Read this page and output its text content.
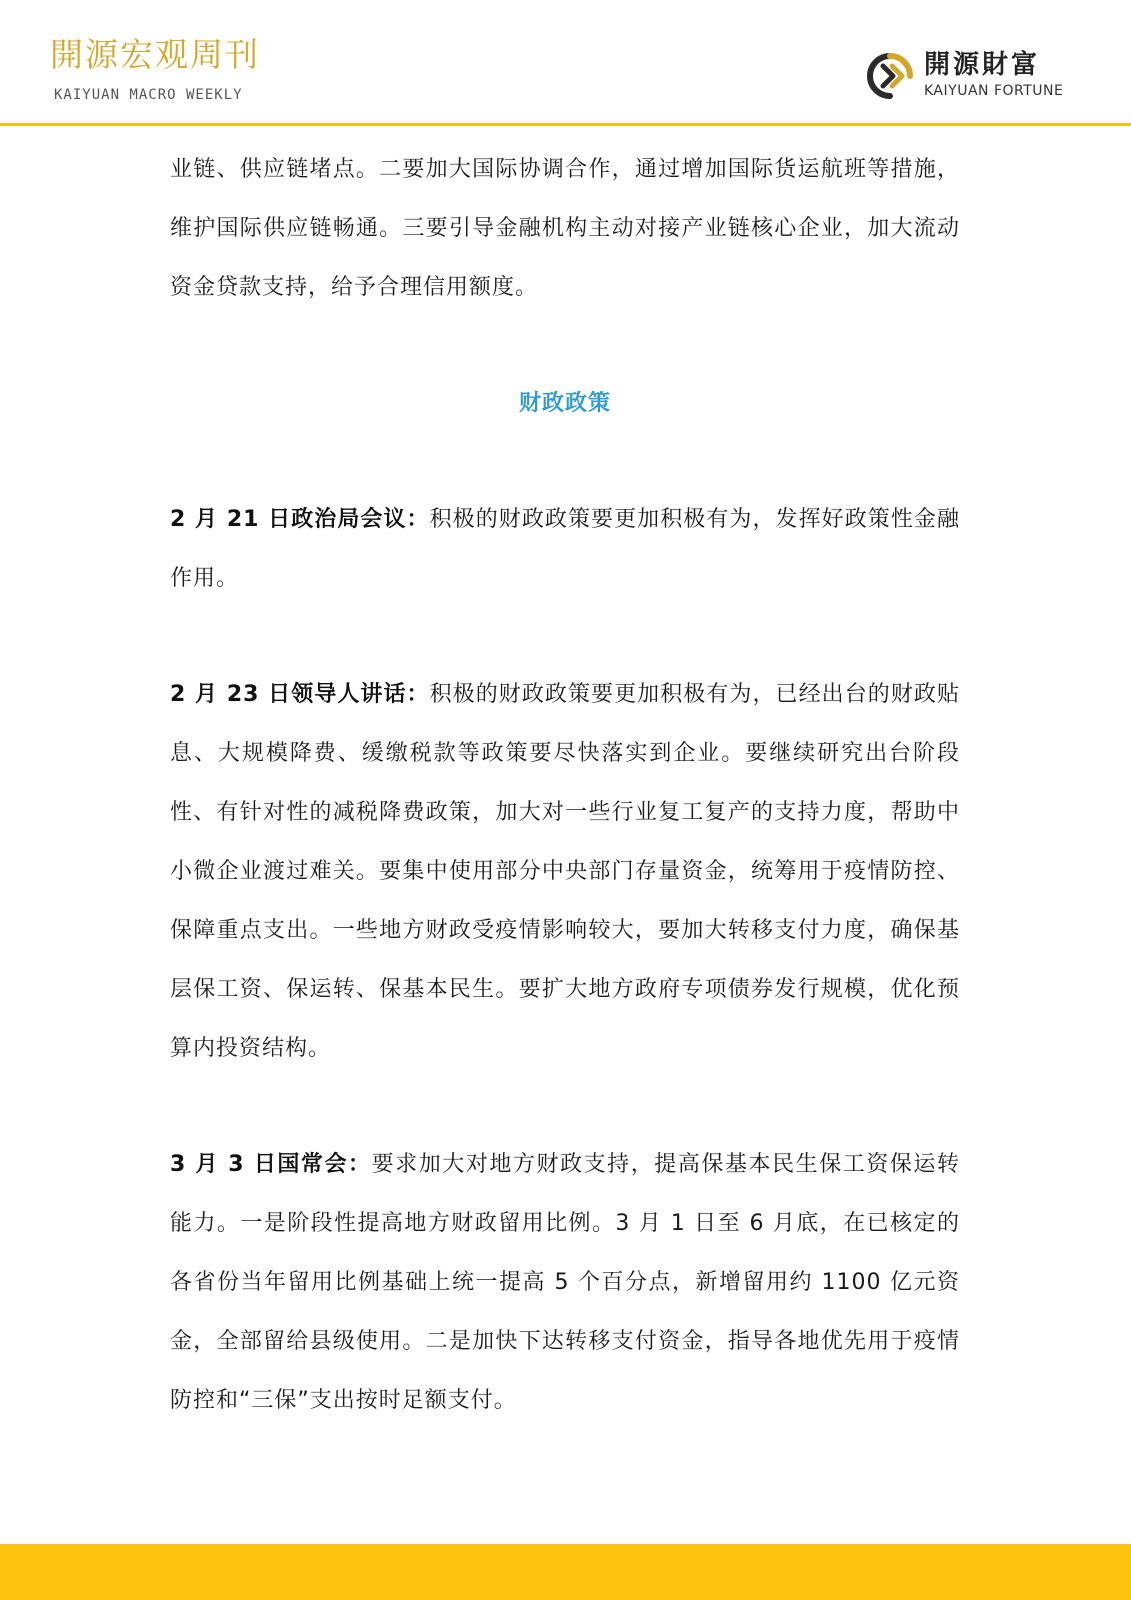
開源宏观周刊
KAIYUAN MACRO WEEKLY
開源財富
KAIYUAN FORTUNE

业链、供应链堵点。二要加大国际协调合作，通过增加国际货运航班等措施，维护国际供应链畅通。三要引导金融机构主动对接产业链核心企业，加大流动资金贷款支持，给予合理信用额度。

财政政策

2 月 21 日政治局会议：积极的财政政策要更加积极有为，发挥好政策性金融作用。

2 月 23 日领导人讲话：积极的财政政策要更加积极有为，已经出台的财政贴息、大规模降费、缓缴税款等政策要尽快落实到企业。要继续研究出台阶段性、有针对性的减税降费政策，加大对一些行业复工复产的支持力度，帮助中小微企业渡过难关。要集中使用部分中央部门存量资金，统筹用于疫情防控、保障重点支出。一些地方财政受疫情影响较大，要加大转移支付力度，确保基层保工资、保运转、保基本民生。要扩大地方政府专项债券发行规模，优化预算内投资结构。

3 月 3 日国常会：要求加大对地方财政支持，提高保基本民生保工资保运转能力。一是阶段性提高地方财政留用比例。3 月 1 日至 6 月底，在已核定的各省份当年留用比例基础上统一提高 5 个百分点，新增留用约 1100 亿元资金，全部留给县级使用。二是加快下达转移支付资金，指导各地优先用于疫情防控和“三保”支出按时足额支付。
